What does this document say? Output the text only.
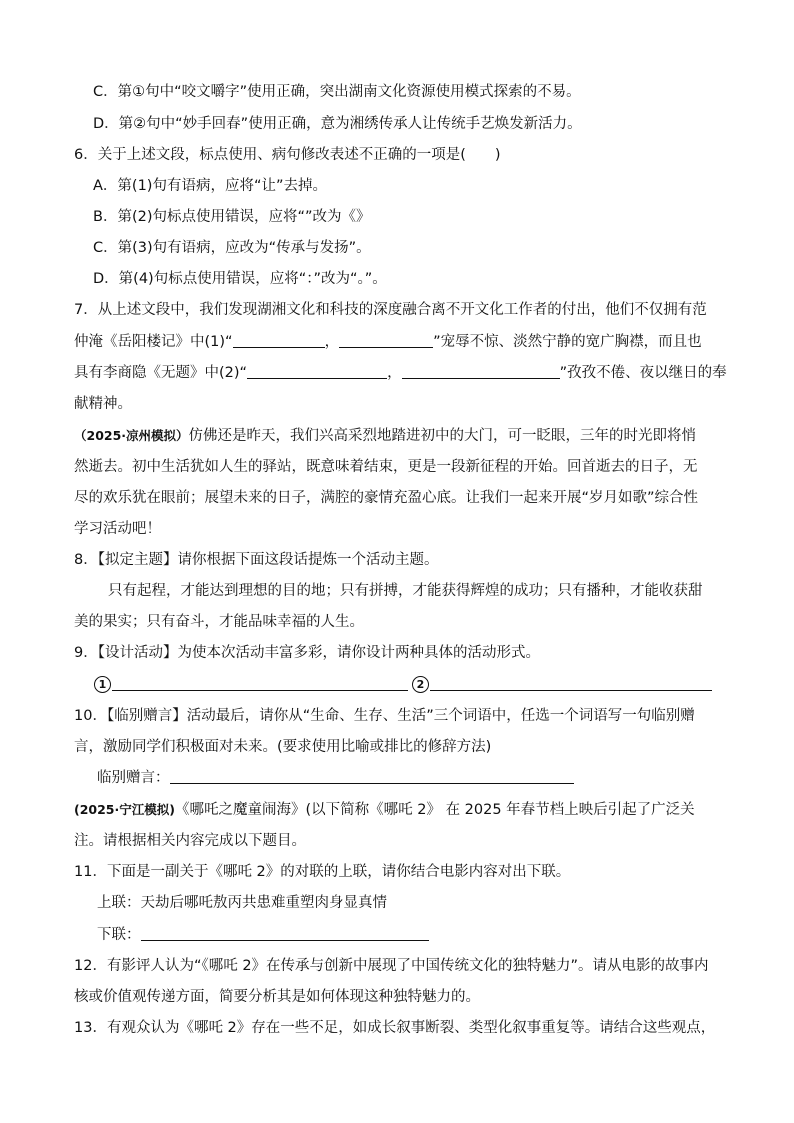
C．第①句中“咬文嚼字”使用正确，突出湖南文化资源使用模式探索的不易。
D．第②句中“妙手回春”使用正确，意为湘绣传承人让传统手艺焕发新活力。
6．关于上述文段，标点使用、病句修改表述不正确的一项是(　　)
A．第(1)句有语病，应将“让”去掉。
B．第(2)句标点使用错误，应将“”改为《》
C．第(3)句有语病，应改为“传承与发扬”。
D．第(4)句标点使用错误，应将“：”改为“。”。
7．从上述文段中，我们发现湖湘文化和科技的深度融合离不开文化工作者的付出，他们不仅拥有范
仲淹《岳阳楼记》中(1)“	，	”宠辱不惊、淡然宁静的宽广胸襟，而且也
具有李商隐《无题》中(2)“	，	”孜孜不倦、夜以继日的奉
献精神。
（2025·凉州模拟）仿佛还是昨天，我们兴高采烈地踏进初中的大门，可一眨眼，三年的时光即将悄
然逝去。初中生活犹如人生的驿站，既意味着结束，更是一段新征程的开始。回首逝去的日子，无
尽的欢乐犹在眼前；展望未来的日子，满腔的豪情充盈心底。让我们一起来开展“岁月如歌”综合性
学习活动吧！
8．【拟定主题】请你根据下面这段话提炼一个活动主题。
只有起程，才能达到理想的目的地；只有拼搏，才能获得辉煌的成功；只有播种，才能收获甜
美的果实；只有奋斗，才能品味幸福的人生。
9．【设计活动】为使本次活动丰富多彩，请你设计两种具体的活动形式。
1	2
10．【临别赠言】活动最后，请你从“生命、生存、生活”三个词语中，任选一个词语写一句临别赠
言，激励同学们积极面对未来。(要求使用比喻或排比的修辞方法)
临别赠言：
(2025·宁江模拟)《哪吒之魔童闹海》(以下简称《哪吒 2》 在 2025 年春节档上映后引起了广泛关
注。请根据相关内容完成以下题目。
11．下面是一副关于《哪吒 2》的对联的上联，请你结合电影内容对出下联。
上联：天劫后哪吒敖丙共患难重塑肉身显真情
下联：
12．有影评人认为“《哪吒 2》在传承与创新中展现了中国传统文化的独特魅力”。请从电影的故事内
核或价值观传递方面，简要分析其是如何体现这种独特魅力的。
13．有观众认为《哪吒 2》存在一些不足，如成长叙事断裂、类型化叙事重复等。请结合这些观点，
